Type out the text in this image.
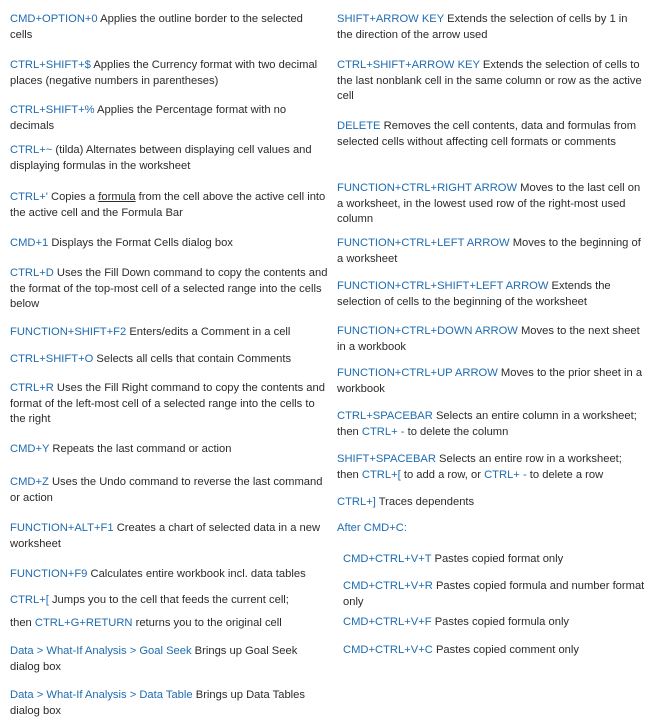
CMD+OPTION+0 Applies the outline border to the selected cells

CTRL+SHIFT+$ Applies the Currency format with two decimal places (negative numbers in parentheses)

CTRL+SHIFT+% Applies the Percentage format with no decimals

CTRL+~ (tilda) Alternates between displaying cell values and displaying formulas in the worksheet

CTRL+' Copies a formula from the cell above the active cell into the active cell and the Formula Bar

CMD+1 Displays the Format Cells dialog box

CTRL+D Uses the Fill Down command to copy the contents and the format of the top-most cell of a selected range into the cells below

FUNCTION+SHIFT+F2 Enters/edits a Comment in a cell

CTRL+SHIFT+O Selects all cells that contain Comments

CTRL+R Uses the Fill Right command to copy the contents and format of the left-most cell of a selected range into the cells to the right

CMD+Y Repeats the last command or action

CMD+Z Uses the Undo command to reverse the last command or action

FUNCTION+ALT+F1 Creates a chart of selected data in a new worksheet

FUNCTION+F9 Calculates entire workbook incl. data tables

CTRL+[ Jumps you to the cell that feeds the current cell;

then CTRL+G+RETURN returns you to the original cell

Data > What-If Analysis > Goal Seek Brings up Goal Seek dialog box

Data > What-If Analysis > Data Table Brings up Data Tables dialog box

SHIFT+ARROW KEY Extends the selection of cells by 1 in the direction of the arrow used

CTRL+SHIFT+ARROW KEY Extends the selection of cells to the last nonblank cell in the same column or row as the active cell

DELETE Removes the cell contents, data and formulas from selected cells without affecting cell formats or comments

FUNCTION+CTRL+RIGHT ARROW Moves to the last cell on a worksheet, in the lowest used row of the right-most used column

FUNCTION+CTRL+LEFT ARROW Moves to the beginning of a worksheet

FUNCTION+CTRL+SHIFT+LEFT ARROW Extends the selection of cells to the beginning of the worksheet

FUNCTION+CTRL+DOWN ARROW Moves to the next sheet in a workbook

FUNCTION+CTRL+UP ARROW Moves to the prior sheet in a workbook

CTRL+SPACEBAR Selects an entire column in a worksheet; then CTRL+ - to delete the column

SHIFT+SPACEBAR Selects an entire row in a worksheet; then CTRL+[ to add a row, or CTRL+ - to delete a row

CTRL+] Traces dependents

After CMD+C:

CMD+CTRL+V+T Pastes copied format only

CMD+CTRL+V+R Pastes copied formula and number format only

CMD+CTRL+V+F Pastes copied formula only

CMD+CTRL+V+C Pastes copied comment only
